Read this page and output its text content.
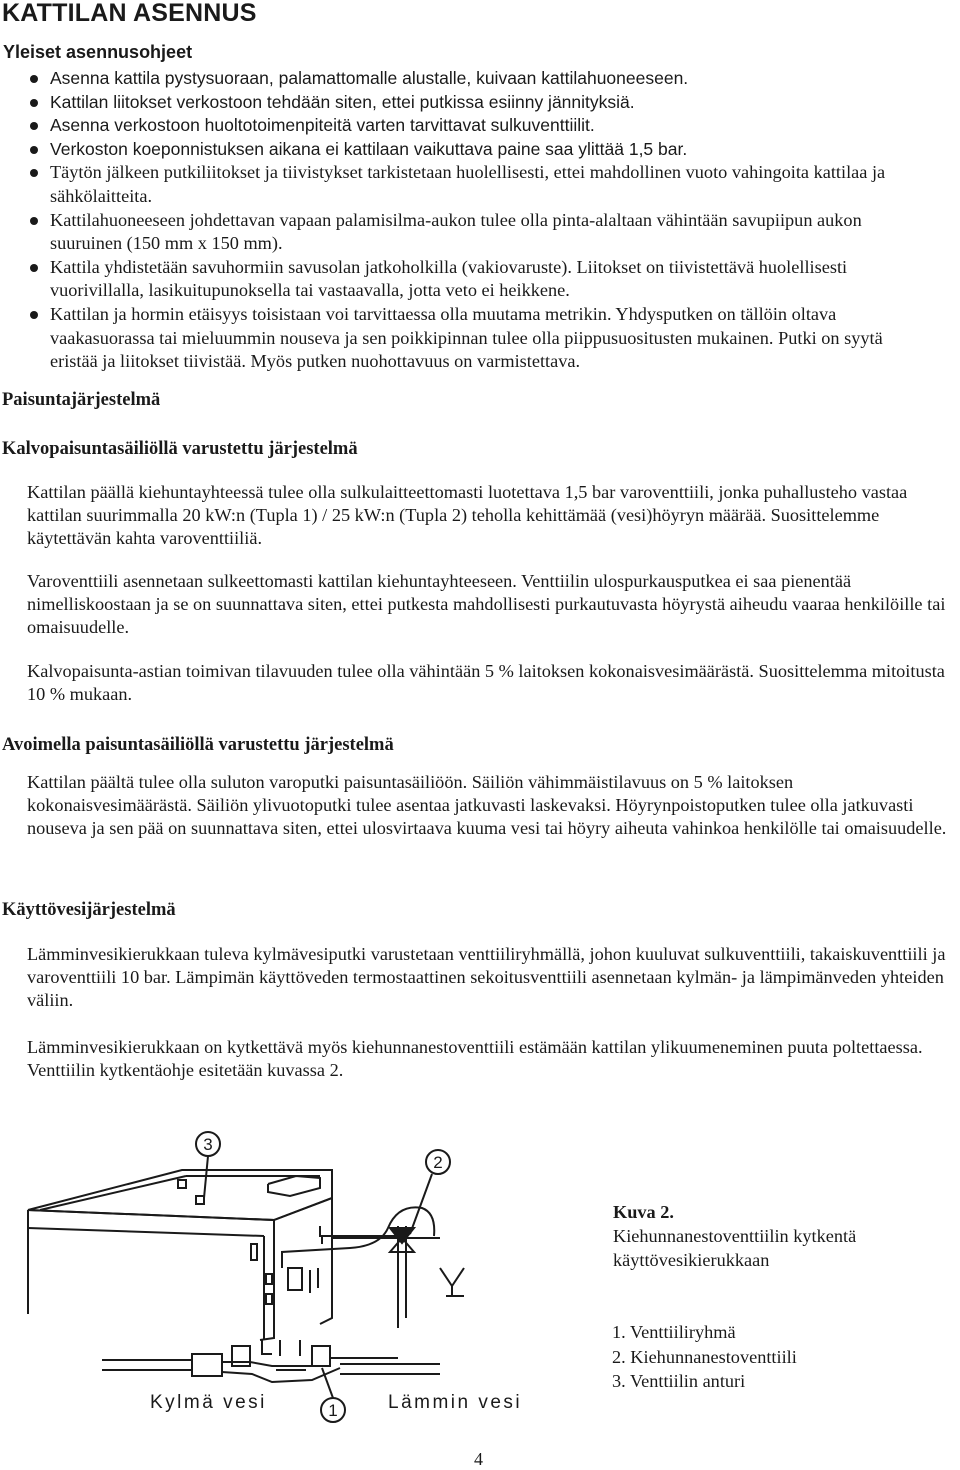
KATTILAN ASENNUS
Yleiset asennusohjeet
Asenna kattila pystysuoraan, palamattomalle alustalle, kuivaan kattilahuoneeseen.
Kattilan liitokset verkostoon tehdään siten, ettei putkissa esiinny jännityksiä.
Asenna verkostoon huoltotoimenpiteitä varten tarvittavat sulkuventtiilit.
Verkoston koeponnistuksen aikana ei kattilaan vaikuttava paine saa ylittää 1,5 bar.
Täytön jälkeen putkiliitokset ja tiivistykset tarkistetaan huolellisesti, ettei mahdollinen vuoto vahingoita kattilaa ja sähkölaitteita.
Kattilahuoneeseen johdettavan vapaan palamisilma-aukon tulee olla pinta-alaltaan vähintään savupiipun aukon suuruinen (150 mm x 150 mm).
Kattila yhdistetään savuhormiin savusolan jatkoholkilla (vakiovaruste). Liitokset on tiivistettävä huolellisesti vuorivillalla, lasikuitupunoksella tai vastaavalla, jotta veto ei heikkene.
Kattilan ja hormin etäisyys toisistaan voi tarvittaessa olla muutama metrikin. Yhdysputken on tällöin oltava vaakasuorassa tai mieluummin nouseva ja sen poikkipinnan tulee olla piippusuositusten mukainen. Putki on syytä eristää ja liitokset tiivistää. Myös putken nuohottavuus on varmistettava.
Paisuntajärjestelmä
Kalvopaisuntasäiliöllä varustettu järjestelmä

Kattilan päällä kiehuntayhteessä tulee olla sulkulaitteettomasti luotettava 1,5 bar varoventtiili, jonka puhallusteho vastaa kattilan suurimmalla 20 kW:n (Tupla 1) / 25 kW:n (Tupla 2) teholla kehittämää (vesi)höyryn määrää. Suosittelemme käytettävän kahta varoventtiiliä.

Varoventtiili asennetaan sulkeettomasti kattilan kiehuntayhteeseen. Venttiilin ulospurkausputkea ei saa pienentää nimelliskoostaan ja se on suunnattava siten, ettei putkesta mahdollisesti purkautuvasta höyrystä aiheudu vaaraa henkilöille tai omaisuudelle.

Kalvopaisunta-astian toimivan tilavuuden tulee olla vähintään 5 % laitoksen kokonaisvesimäärästä. Suosittelemma mitoitusta 10 % mukaan.

Avoimella paisuntasäiliöllä varustettu järjestelmä

Kattilan päältä tulee olla suluton varoputki paisuntasäiliöön. Säiliön vähimmäistilavuus on 5 % laitoksen kokonaisvesimäärästä. Säiliön ylivuotoputki tulee asentaa jatkuvasti laskevaksi. Höyrynpoistoputken tulee olla jatkuvasti nouseva ja sen pää on suunnattava siten, ettei ulosvirtaava kuuma vesi tai höyry aiheuta vahinkoa henkilölle tai omaisuudelle.

Käyttövesijärjestelmä

Lämminvesikierukkaan tuleva kylmävesiputki varustetaan venttiiliryhmällä, johon kuuluvat sulkuventtiili, takaiskuventtiili ja varoventtiili 10 bar. Lämpimän käyttöveden termostaattinen sekoitusventtiili asennetaan kylmän- ja lämpimänveden yhteiden väliin.

Lämminvesikierukkaan on kytkettävä myös kiehunnanestoventtiili estämään kattilan ylikuumeneminen puuta poltettaessa. Venttiilin kytkentäohje esitetään kuvassa 2.

3
2
1
Kylmä vesi	Lämmin vesi
Kuva 2.
Kiehunnanestoventtiilin kytkentä
käyttövesikierukkaan
1. Venttiiliryhmä
2. Kiehunnanestoventtiili
3. Venttiilin anturi
4
